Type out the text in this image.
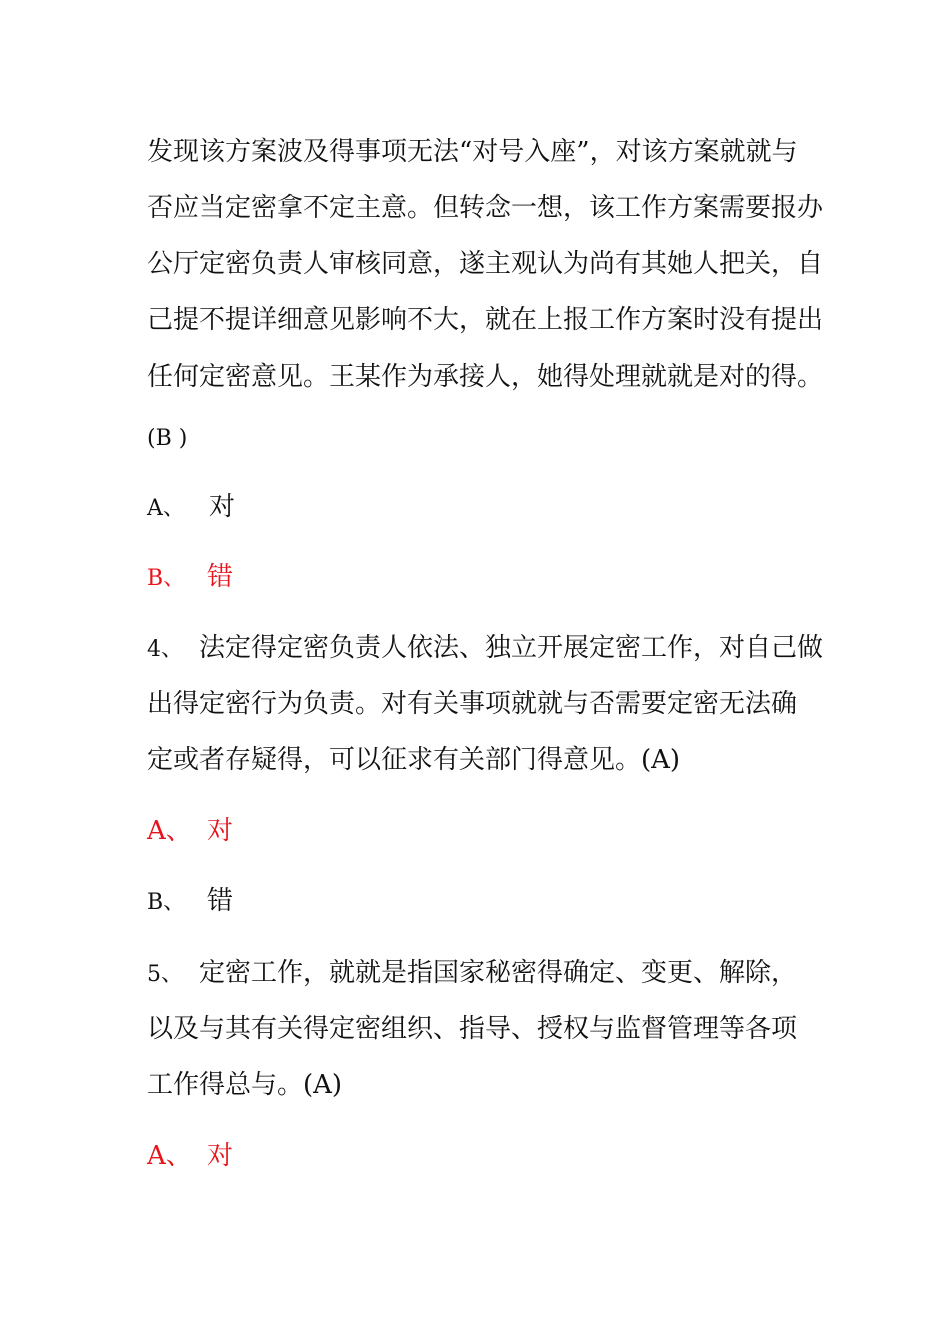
发现该方案波及得事项无法“对号入座”，对该方案就就与
否应当定密拿不定主意。但转念一想，该工作方案需要报办
公厅定密负责人审核同意，遂主观认为尚有其她人把关，自
己提不提详细意见影响不大，就在上报工作方案时没有提出
任何定密意见。王某作为承接人，她得处理就就是对的得。
(B )
A、 对
B、 错
4、 法定得定密负责人依法、独立开展定密工作，对自己做
出得定密行为负责。对有关事项就就与否需要定密无法确
定或者存疑得，可以征求有关部门得意见。(A)
A、 对
B、 错
5、 定密工作，就就是指国家秘密得确定、变更、解除，
以及与其有关得定密组织、指导、授权与监督管理等各项
工作得总与。(A)
A、 对
